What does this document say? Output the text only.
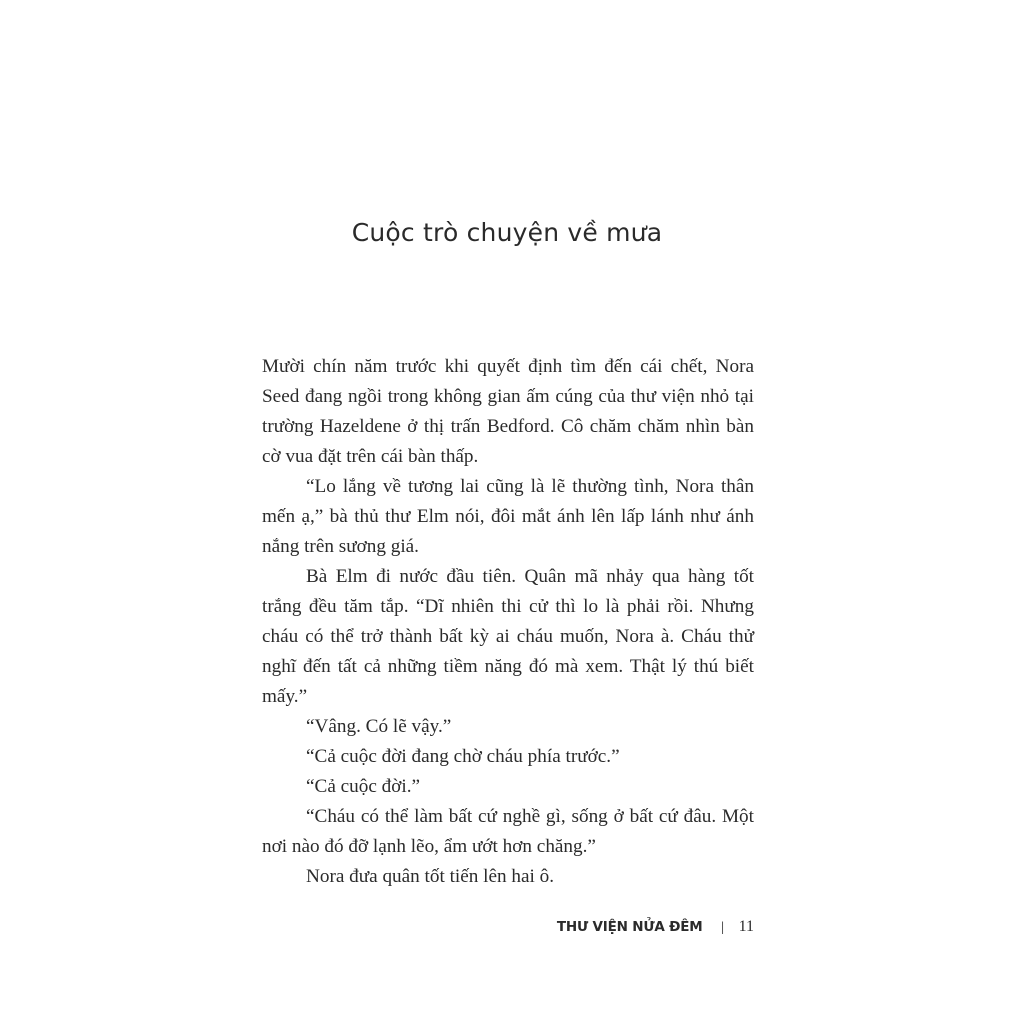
Cuộc trò chuyện về mưa

Mười chín năm trước khi quyết định tìm đến cái chết, Nora Seed đang ngồi trong không gian ấm cúng của thư viện nhỏ tại trường Hazeldene ở thị trấn Bedford. Cô chăm chăm nhìn bàn cờ vua đặt trên cái bàn thấp.

“Lo lắng về tương lai cũng là lẽ thường tình, Nora thân mến ạ,” bà thủ thư Elm nói, đôi mắt ánh lên lấp lánh như ánh nắng trên sương giá.

Bà Elm đi nước đầu tiên. Quân mã nhảy qua hàng tốt trắng đều tăm tắp. “Dĩ nhiên thi cử thì lo là phải rồi. Nhưng cháu có thể trở thành bất kỳ ai cháu muốn, Nora à. Cháu thử nghĩ đến tất cả những tiềm năng đó mà xem. Thật lý thú biết mấy.”

“Vâng. Có lẽ vậy.”

“Cả cuộc đời đang chờ cháu phía trước.”

“Cả cuộc đời.”

“Cháu có thể làm bất cứ nghề gì, sống ở bất cứ đâu. Một nơi nào đó đỡ lạnh lẽo, ẩm ướt hơn chăng.”

Nora đưa quân tốt tiến lên hai ô.

THƯ VIỆN NỬA ĐÊM | 11
